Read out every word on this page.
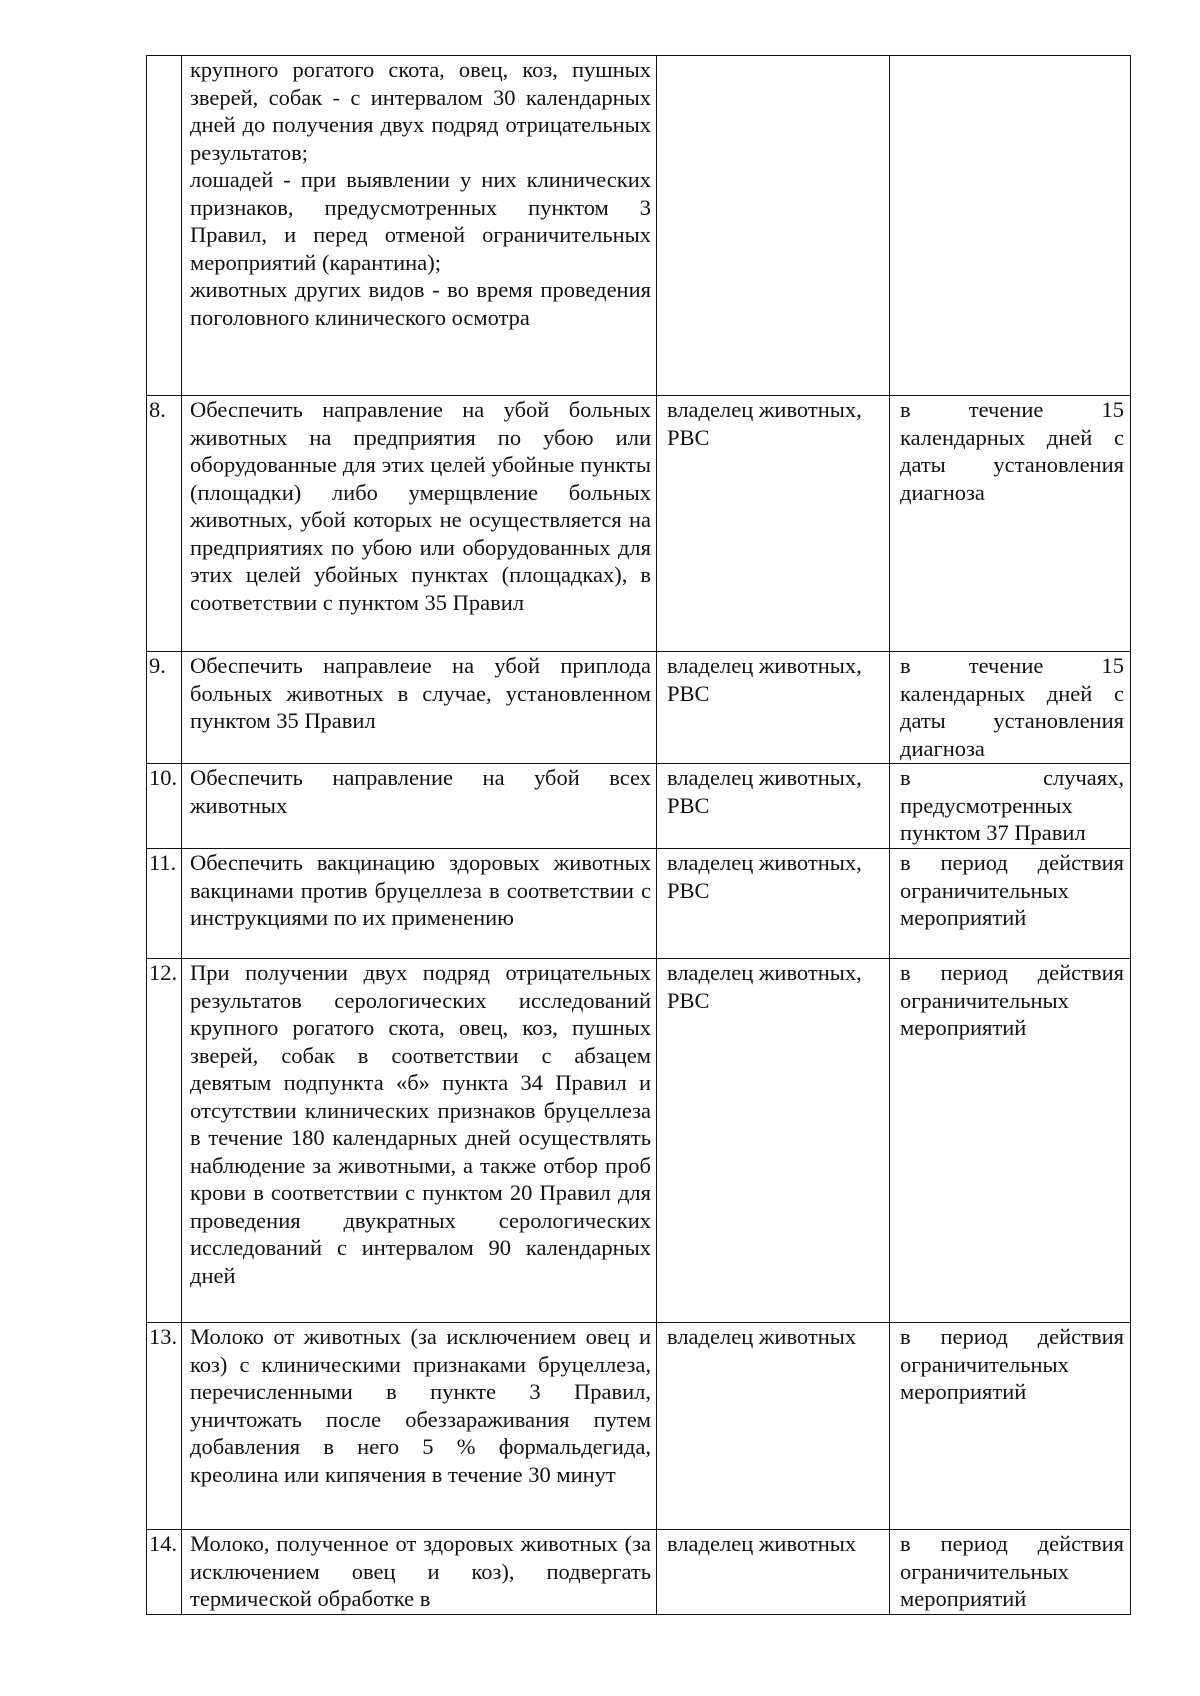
	крупного рогатого скота, овец, коз, пушных зверей, собак - с интервалом 30 календарных дней до получения двух подряд отрицательных результатов;
лошадей - при выявлении у них клинических признаков, предусмотренных пунктом 3 Правил, и перед отменой ограничительных мероприятий (карантина);
животных других видов - во время проведения поголовного клинического осмотра		
8.	Обеспечить направление на убой больных животных на предприятия по убою или оборудованные для этих целей убойные пункты (площадки) либо умерщвление больных животных, убой которых не осуществляется на предприятиях по убою или оборудованных для этих целей убойных пунктах (площадках), в соответствии с пунктом 35 Правил	владелец животных, РВС	в течение 15 календарных дней с даты установления диагноза
9.	Обеспечить направлеие на убой приплода больных животных в случае, установленном пунктом 35 Правил	владелец животных, РВС	в течение 15 календарных дней с даты установления диагноза
10.	Обеспечить направление на убой всех животных	владелец животных, РВС	в случаях, предусмотренных пунктом 37 Правил
11.	Обеспечить вакцинацию здоровых животных вакцинами против бруцеллеза в соответствии с инструкциями по их применению	владелец животных, РВС	в период действия ограничительных мероприятий
12.	При получении двух подряд отрицательных результатов серологических исследований крупного рогатого скота, овец, коз, пушных зверей, собак в соответствии с абзацем девятым подпункта «б» пункта 34 Правил и отсутствии клинических признаков бруцеллеза в течение 180 календарных дней осуществлять наблюдение за животными, а также отбор проб крови в соответствии с пунктом 20 Правил для проведения двукратных серологических исследований с интервалом 90 календарных дней	владелец животных, РВС	в период действия ограничительных мероприятий
13.	Молоко от животных (за исключением овец и коз) с клиническими признаками бруцеллеза, перечисленными в пункте 3 Правил, уничтожать после обеззараживания путем добавления в него 5 % формальдегида, креолина или кипячения в течение 30 минут	владелец животных	в период действия ограничительных мероприятий
14.	Молоко, полученное от здоровых животных (за исключением овец и коз), подвергать термической обработке в	владелец животных	в период действия ограничительных мероприятий
